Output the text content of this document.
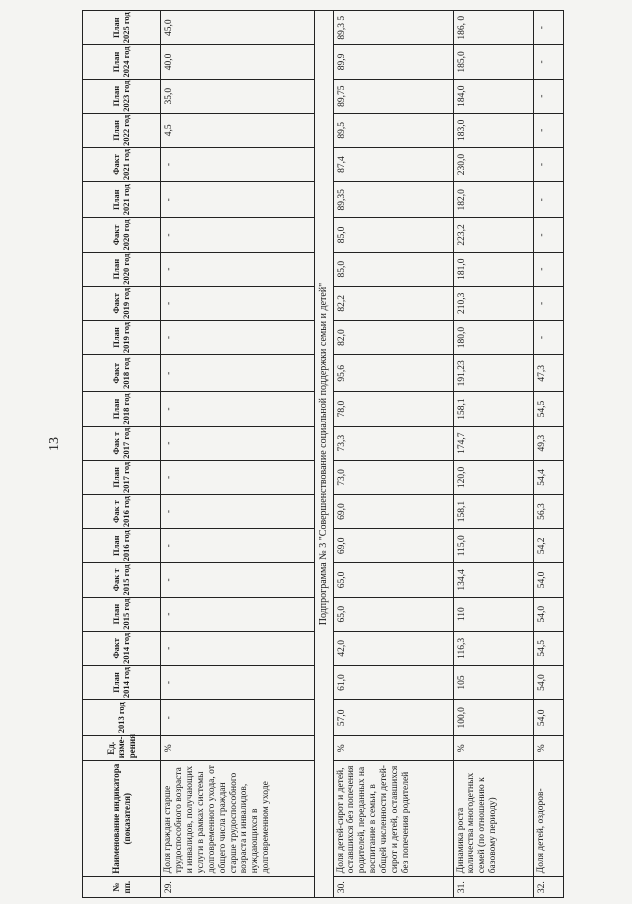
13
№ пп.	Наименование индикатора (показателя)	Ед. изме- рения	2013 год	План 2014 год	Факт 2014 год	План 2015 год	Фак т 2015 год	План 2016 год	Фак т 2016 год	План 2017 год	Фак т 2017 год	План 2018 год	Факт 2018 год	План 2019 год	Факт 2019 год	План 2020 год	Факт 2020 год	План 2021 год	Факт 2021 год	План 2022 год	План 2023 год	План 2024 год	План 2025 год
29.	Доля граждан старше трудоспособного возраста и инвалидов, получающих услуги в рамках системы долговременного ухода, от общего числа граждан старше трудоспособного возраста и инвалидов, нуждающихся в долговременном уходе	%	-	-	-	-	-	-	-	-	-	-	-	-	-	-	-	-	-	4,5	35,0	40,0	45,0
Подпрограмма № 3 "Совершенствование социальной поддержки семьи и детей"																							
30.	Доля детей-сирот и детей, оставшихся без попечения родителей, переданных на воспитание в семьи, в общей численности детей-сирот и детей, оставшихся без попечения родителей	%	57,0	61,0	42,0	65,0	65,0	69,0	69,0	73,0	73,3	78,0	95,6	82,0	82,2	85,0	85,0	89,35	87,4	89,5	89,75	89,9	89,3 5
31.	Динамика роста количества многодетных семей (по отношению к базовому периоду)	%	100,0	105	116,3	110	134,4	115,0	158,1	120,0	174,7	158,1	191,23	180,0	210,3	181,0	223,2	182,0	230,0	183,0	184,0	185,0	186, 0
32.	Доля детей, оздоров-	%	54,0	54,0	54,5	54,0	54,0	54,2	56,3	54,4	49,3	54,5	47,3	-	-	-	-	-	-	-	-	-	-
